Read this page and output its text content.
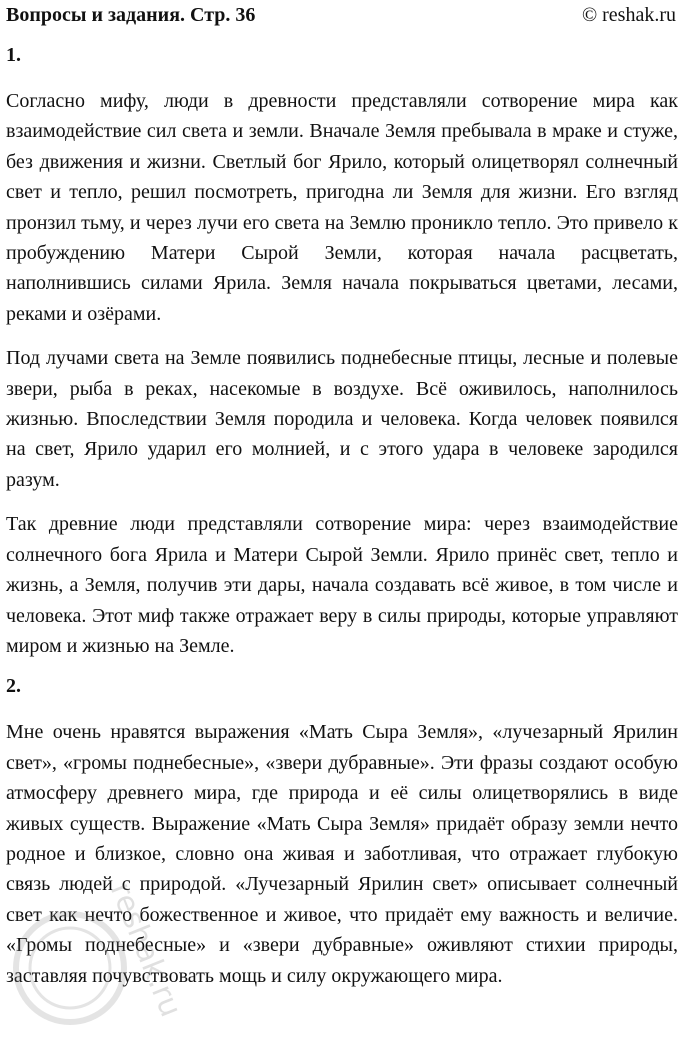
Вопросы и задания. Стр. 36	© reshak.ru
1.

Согласно мифу, люди в древности представляли сотворение мира как взаимодействие сил света и земли. Вначале Земля пребывала в мраке и стуже, без движения и жизни. Светлый бог Ярило, который олицетворял солнечный свет и тепло, решил посмотреть, пригодна ли Земля для жизни. Его взгляд пронзил тьму, и через лучи его света на Землю проникло тепло. Это привело к пробуждению Матери Сырой Земли, которая начала расцветать, наполнившись силами Ярила. Земля начала покрываться цветами, лесами, реками и озёрами.

Под лучами света на Земле появились поднебесные птицы, лесные и полевые звери, рыба в реках, насекомые в воздухе. Всё оживилось, наполнилось жизнью. Впоследствии Земля породила и человека. Когда человек появился на свет, Ярило ударил его молнией, и с этого удара в человеке зародился разум.

Так древние люди представляли сотворение мира: через взаимодействие солнечного бога Ярила и Матери Сырой Земли. Ярило принёс свет, тепло и жизнь, а Земля, получив эти дары, начала создавать всё живое, в том числе и человека. Этот миф также отражает веру в силы природы, которые управляют миром и жизнью на Земле.

2.

Мне очень нравятся выражения «Мать Сыра Земля», «лучезарный Ярилин свет», «громы поднебесные», «звери дубравные». Эти фразы создают особую атмосферу древнего мира, где природа и её силы олицетворялись в виде живых существ. Выражение «Мать Сыра Земля» придаёт образу земли нечто родное и близкое, словно она живая и заботливая, что отражает глубокую связь людей с природой. «Лучезарный Ярилин свет» описывает солнечный свет как нечто божественное и живое, что придаёт ему важность и величие. «Громы поднебесные» и «звери дубравные» оживляют стихии природы, заставляя почувствовать мощь и силу окружающего мира.

reshak.ru
